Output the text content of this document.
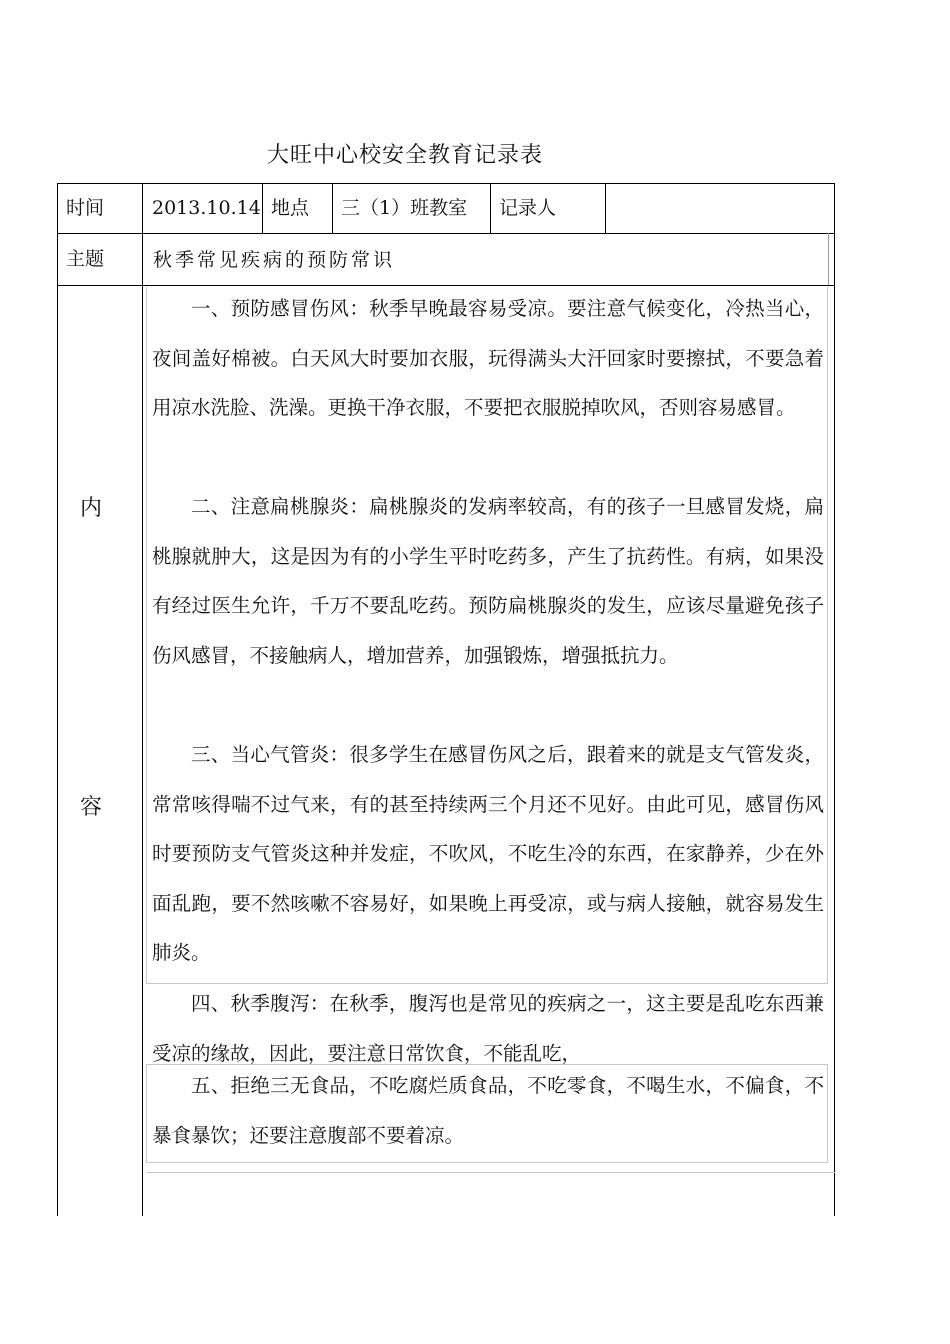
大旺中心校安全教育记录表
时间	2013.10.14 地点 三（1）班教室 记录人
主题	秋季常见疾病的预防常识
内
容

一、预防感冒伤风：秋季早晚最容易受凉。要注意气候变化，冷热当心，夜间盖好棉被。白天风大时要加衣服，玩得满头大汗回家时要擦拭，不要急着用凉水洗脸、洗澡。更换干净衣服，不要把衣服脱掉吹风，否则容易感冒。

二、注意扁桃腺炎：扁桃腺炎的发病率较高，有的孩子一旦感冒发烧，扁桃腺就肿大，这是因为有的小学生平时吃药多，产生了抗药性。有病，如果没有经过医生允许，千万不要乱吃药。预防扁桃腺炎的发生，应该尽量避免孩子伤风感冒，不接触病人，增加营养，加强锻炼，增强抵抗力。

三、当心气管炎：很多学生在感冒伤风之后，跟着来的就是支气管发炎，常常咳得喘不过气来，有的甚至持续两三个月还不见好。由此可见，感冒伤风时要预防支气管炎这种并发症，不吹风，不吃生冷的东西，在家静养，少在外面乱跑，要不然咳嗽不容易好，如果晚上再受凉，或与病人接触，就容易发生肺炎。

四、秋季腹泻：在秋季，腹泻也是常见的疾病之一，这主要是乱吃东西兼受凉的缘故，因此，要注意日常饮食，不能乱吃，

五、拒绝三无食品，不吃腐烂质食品，不吃零食，不喝生水，不偏食，不暴食暴饮；还要注意腹部不要着凉。
